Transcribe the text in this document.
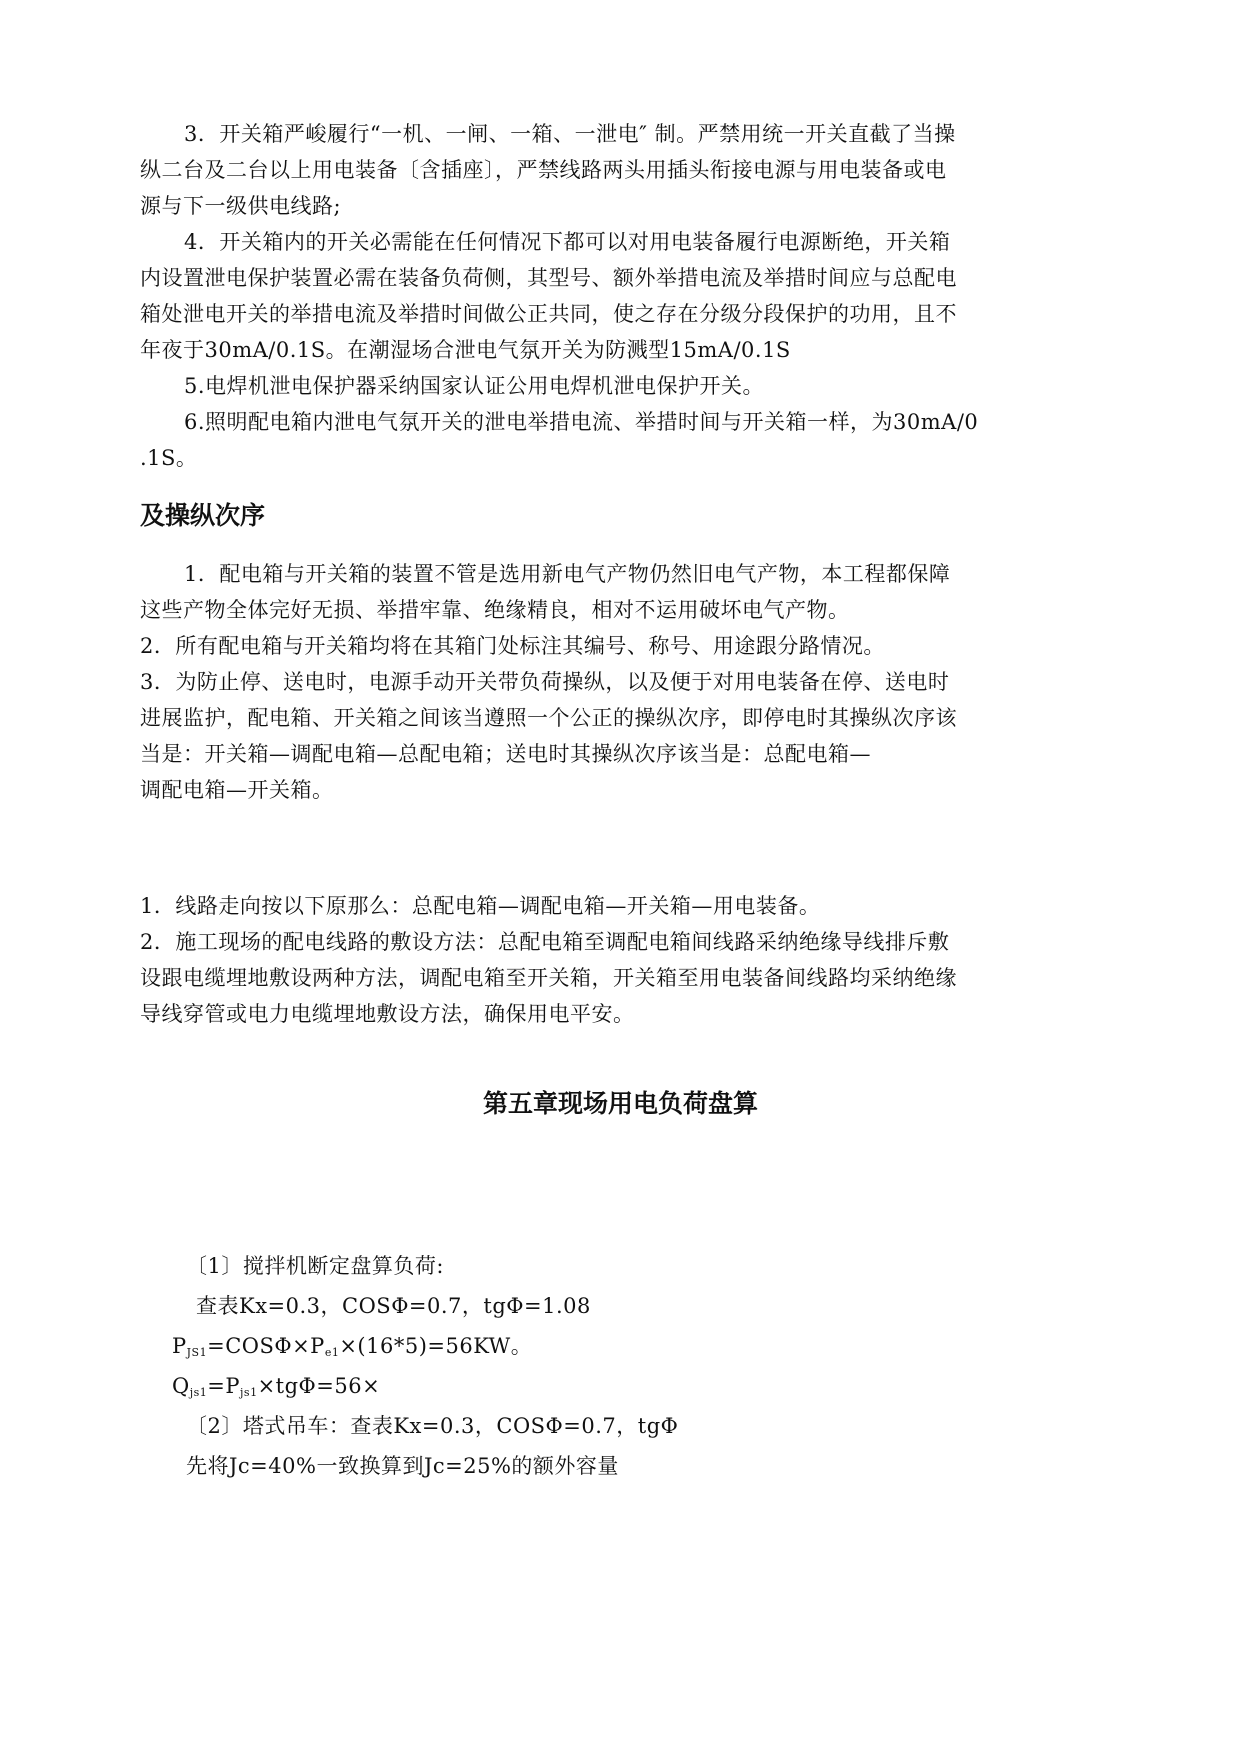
3．开关箱严峻履行“一机、一闸、一箱、一泄电″ 制。严禁用统一开关直截了当操
纵二台及二台以上用电装备〔含插座〕，严禁线路两头用插头衔接电源与用电装备或电
源与下一级供电线路;
4．开关箱内的开关必需能在任何情况下都可以对用电装备履行电源断绝，开关箱
内设置泄电保护装置必需在装备负荷侧，其型号、额外举措电流及举措时间应与总配电
箱处泄电开关的举措电流及举措时间做公正共同，使之存在分级分段保护的功用，且不
年夜于30mA/0.1S。在潮湿场合泄电气氛开关为防溅型15mA/0.1S
5.电焊机泄电保护器采纳国家认证公用电焊机泄电保护开关。
6.照明配电箱内泄电气氛开关的泄电举措电流、举措时间与开关箱一样，为30mA/0
.1S。
及操纵次序
1．配电箱与开关箱的装置不管是选用新电气产物仍然旧电气产物，本工程都保障
这些产物全体完好无损、举措牢靠、绝缘精良，相对不运用破坏电气产物。
2．所有配电箱与开关箱均将在其箱门处标注其编号、称号、用途跟分路情况。
3．为防止停、送电时，电源手动开关带负荷操纵，以及便于对用电装备在停、送电时
进展监护，配电箱、开关箱之间该当遵照一个公正的操纵次序，即停电时其操纵次序该
当是：开关箱—调配电箱—总配电箱；送电时其操纵次序该当是：总配电箱—
调配电箱—开关箱。
1．线路走向按以下原那么：总配电箱—调配电箱—开关箱—用电装备。
2．施工现场的配电线路的敷设方法：总配电箱至调配电箱间线路采纳绝缘导线排斥敷
设跟电缆埋地敷设两种方法，调配电箱至开关箱，开关箱至用电装备间线路均采纳绝缘
导线穿管或电力电缆埋地敷设方法，确保用电平安。
第五章现场用电负荷盘算
〔1〕搅拌机断定盘算负荷:
查表Kx=0.3，COSΦ=0.7，tgΦ=1.08
$P_{JS1}=COS\Phi\times P_{e1}\times(16*5)=56KW$。
$Q_{js1}=P_{js1}\times tg\Phi=56\times$
〔2〕塔式吊车：查表Kx=0.3，COSΦ=0.7，tgΦ
先将Jc=40%一致换算到Jc=25%的额外容量
